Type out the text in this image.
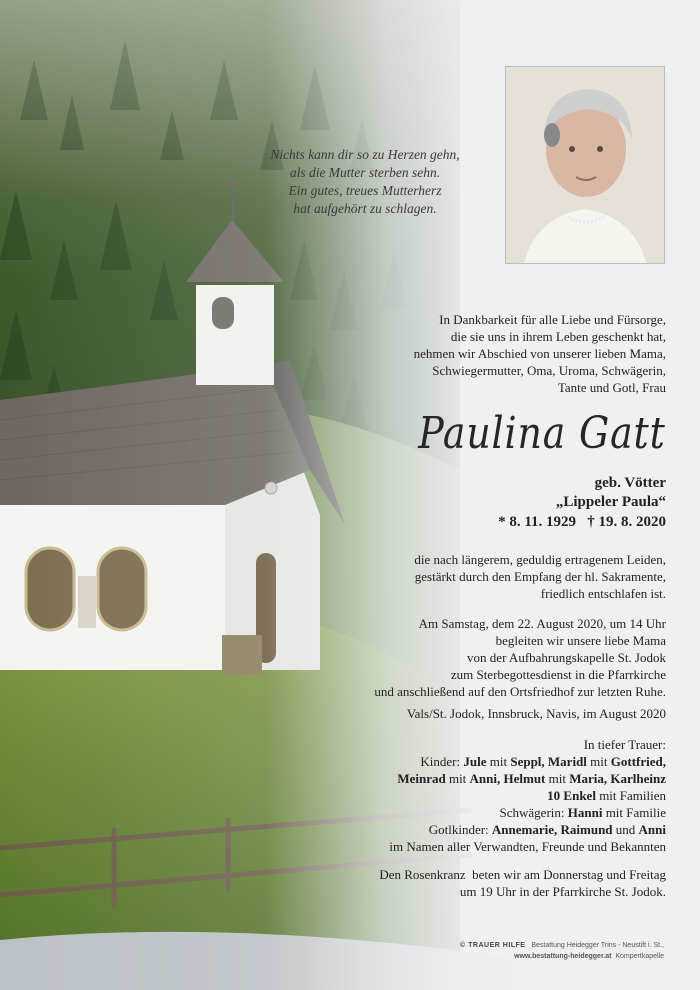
Nichts kann dir so zu Herzen gehn,
als die Mutter sterben sehn.
Ein gutes, treues Mutterherz
hat aufgehört zu schlagen.
In Dankbarkeit für alle Liebe und Fürsorge,
die sie uns in ihrem Leben geschenkt hat,
nehmen wir Abschied von unserer lieben Mama,
Schwiegermutter, Oma, Uroma, Schwägerin,
Tante und Gotl, Frau
Paulina Gatt
geb. Vötter
„Lippeler Paula“
* 8. 11. 1929   † 19. 8. 2020
die nach längerem, geduldig ertragenem Leiden,
gestärkt durch den Empfang der hl. Sakramente,
friedlich entschlafen ist.
Am Samstag, dem 22. August 2020, um 14 Uhr
begleiten wir unsere liebe Mama
von der Aufbahrungskapelle St. Jodok
zum Sterbegottesdienst in die Pfarrkirche
und anschließend auf den Ortsfriedhof zur letzten Ruhe.
Vals/St. Jodok, Innsbruck, Navis, im August 2020
In tiefer Trauer:
Kinder: Jule mit Seppl, Maridl mit Gottfried,
Meinrad mit Anni, Helmut mit Maria, Karlheinz
10 Enkel mit Familien
Schwägerin: Hanni mit Familie
Gotlkinder: Annemarie, Raimund und Anni
im Namen aller Verwandten, Freunde und Bekannten
Den Rosenkranz  beten wir am Donnerstag und Freitag
um 19 Uhr in der Pfarrkirche St. Jodok.
© TRAUER HILFE Bestattung Heidegger Trins - Neustift i. St.,
www.bestattung-heidegger.at  Kompertkapelle
